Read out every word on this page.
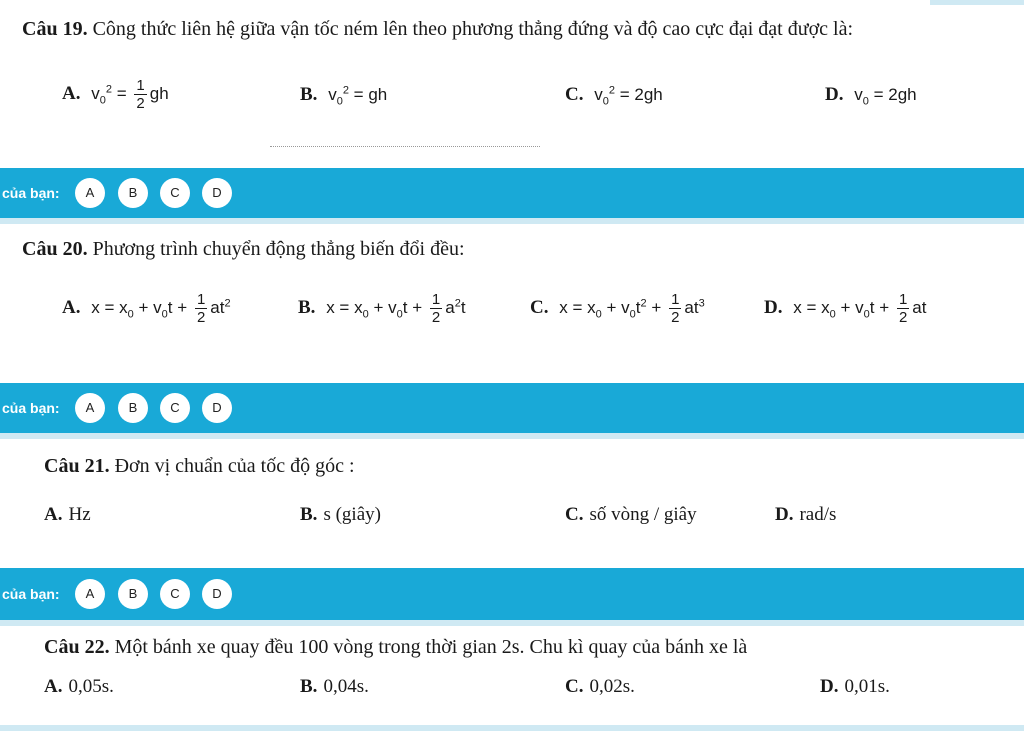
Câu 19. Công thức liên hệ giữa vận tốc ném lên theo phương thẳng đứng và độ cao cực đại đạt được là:
A. $v_0^2 = \frac{1}{2}$ gh	B. $v_0^2$ = gh	C. $v_0^2 = 2gh$	D. $v_0 = 2gh$
của bạn:	A	B	C	D
Câu 20. Phương trình chuyển động thẳng biến đổi đều:
A. $x = x_0 + v_0t + \frac{1}{2} at^2$	B. $x = x_0 + v_0t + \frac{1}{2} a^2t$	C. $x = x_0 + v_0t^2 + \frac{1}{2} at^3$	D. $x = x_0 + v_0t + \frac{1}{2}$ at
của bạn:	A	B	C	D
Câu 21. Đơn vị chuẩn của tốc độ góc :
A. Hz	B. s (giây)	C. số vòng / giây	D. rad/s
của bạn:	A	B	C	D
Câu 22. Một bánh xe quay đều 100 vòng trong thời gian 2s. Chu kì quay của bánh xe là
A. 0,05s.	B. 0,04s.	C. 0,02s.	D. 0,01s.
